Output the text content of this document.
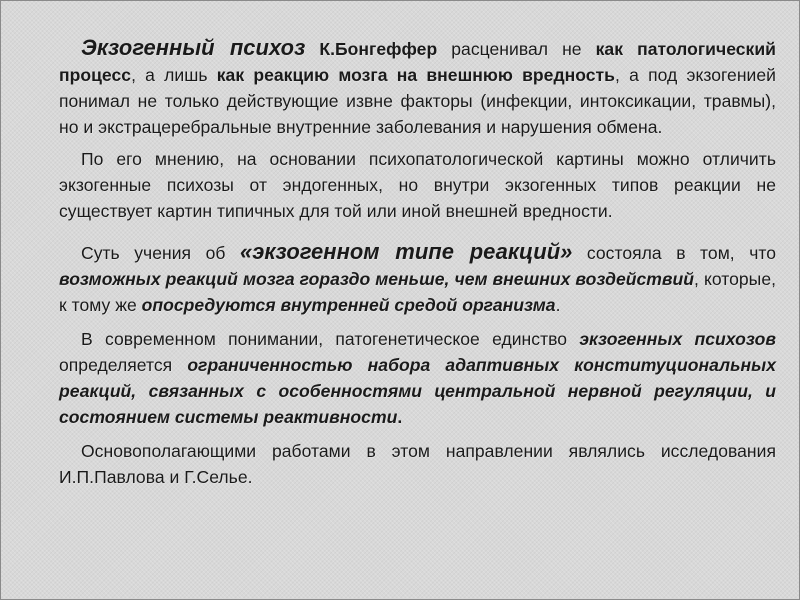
Экзогенный психоз К.Бонгеффер расценивал не как патологический процесс, а лишь как реакцию мозга на внешнюю вредность, а под экзогенией понимал не только действующие извне факторы (инфекции, интоксикации, травмы), но и экстрацеребральные внутренние заболевания и нарушения обмена.

По его мнению, на основании психопатологической картины можно отличить экзогенные психозы от эндогенных, но внутри экзогенных типов реакции не существует картин типичных для той или иной внешней вредности.

Суть учения об «экзогенном типе реакций» состояла в том, что возможных реакций мозга гораздо меньше, чем внешних воздействий, которые, к тому же опосредуются внутренней средой организма.

В современном понимании, патогенетическое единство экзогенных психозов определяется ограниченностью набора адаптивных конституциональных реакций, связанных с особенностями центральной нервной регуляции, и состоянием системы реактивности.

Основополагающими работами в этом направлении являлись исследования И.П.Павлова и Г.Селье.
